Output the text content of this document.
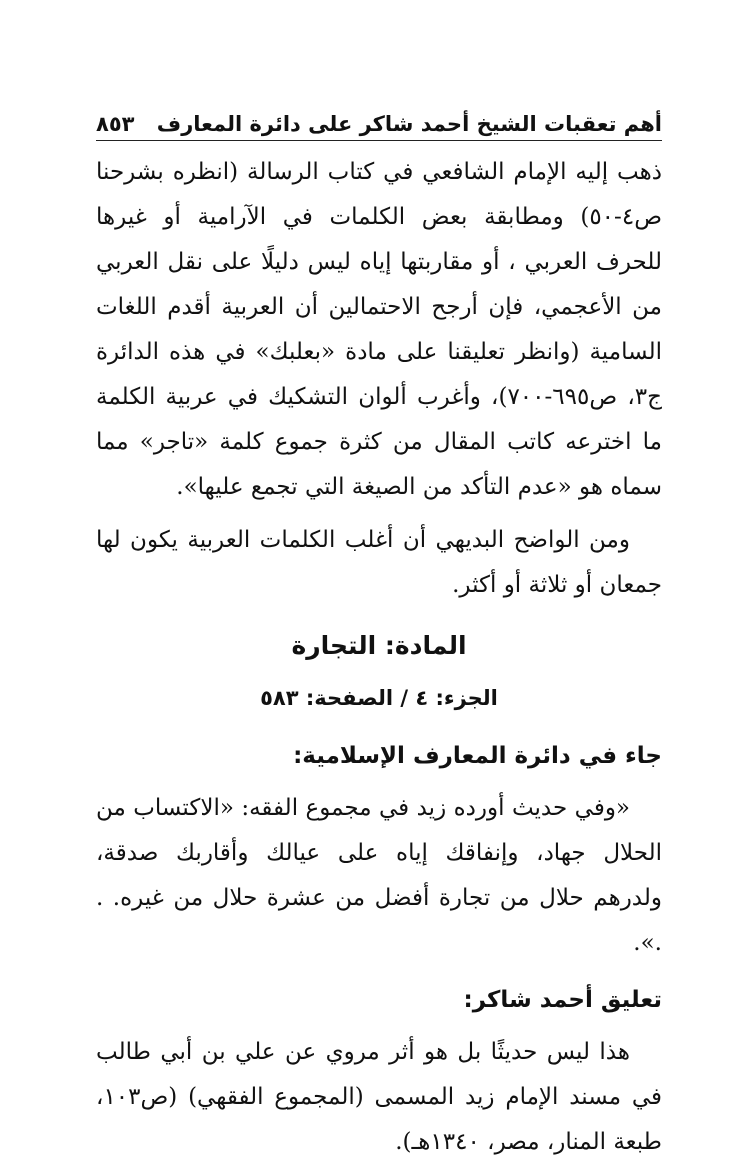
أهم تعقبات الشيخ أحمد شاكر على دائرة المعارف
٨٥٣

ذهب إليه الإمام الشافعي في كتاب الرسالة (انظره بشرحنا ص٤-٥٠) ومطابقة بعض الكلمات في الآرامية أو غيرها للحرف العربي ، أو مقاربتها إياه ليس دليلًا على نقل العربي من الأعجمي، فإن أرجح الاحتمالين أن العربية أقدم اللغات السامية (وانظر تعليقنا على مادة «بعلبك» في هذه الدائرة ج٣، ص٦٩٥-٧٠٠)، وأغرب ألوان التشكيك في عربية الكلمة ما اخترعه كاتب المقال من كثرة جموع كلمة «تاجر» مما سماه هو «عدم التأكد من الصيغة التي تجمع عليها».

ومن الواضح البديهي أن أغلب الكلمات العربية يكون لها جمعان أو ثلاثة أو أكثر.

المادة: التجارة

الجزء: ٤ / الصفحة: ٥٨٣

جاء في دائرة المعارف الإسلامية:

«وفي حديث أورده زيد في مجموع الفقه: «الاكتساب من الحلال جهاد، وإنفاقك إياه على عيالك وأقاربك صدقة، ولدرهم حلال من تجارة أفضل من عشرة حلال من غيره. . .».

تعليق أحمد شاكر:

هذا ليس حديثًا بل هو أثر مروي عن علي بن أبي طالب في مسند الإمام زيد المسمى (المجموع الفقهي) (ص١٠٣، طبعة المنار، مصر، ١٣٤٠هـ).
